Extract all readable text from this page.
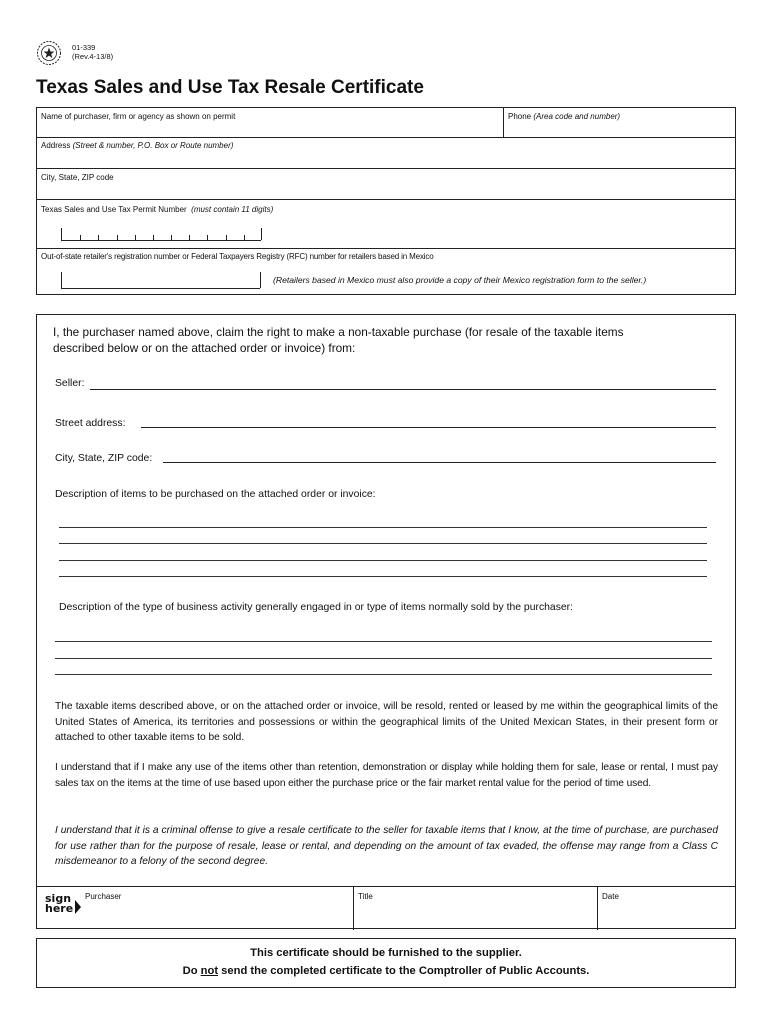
01-339
(Rev.4-13/8)
Texas Sales and Use Tax Resale Certificate
Name of purchaser, firm or agency as shown on permit	Phone (Area code and number)
Address (Street & number, P.O. Box or Route number)
City, State, ZIP code
Texas Sales and Use Tax Permit Number (must contain 11 digits)
Out-of-state retailer's registration number or Federal Taxpayers Registry (RFC) number for retailers based in Mexico
(Retailers based in Mexico must also provide a copy of their Mexico registration form to the seller.)
I, the purchaser named above, claim the right to make a non-taxable purchase (for resale of the taxable items described below or on the attached order or invoice) from:
Seller:
Street address:
City, State, ZIP code:
Description of items to be purchased on the attached order or invoice:
Description of the type of business activity generally engaged in or type of items normally sold by the purchaser:
The taxable items described above, or on the attached order or invoice, will be resold, rented or leased by me within the geographical limits of the United States of America, its territories and possessions or within the geographical limits of the United Mexican States, in their present form or attached to other taxable items to be sold.
I understand that if I make any use of the items other than retention, demonstration or display while holding them for sale, lease or rental, I must pay sales tax on the items at the time of use based upon either the purchase price or the fair market rental value for the period of time used.
I understand that it is a criminal offense to give a resale certificate to the seller for taxable items that I know, at the time of purchase, are purchased for use rather than for the purpose of resale, lease or rental, and depending on the amount of tax evaded, the offense may range from a Class C misdemeanor to a felony of the second degree.
sign
here
Purchaser	Title	Date
This certificate should be furnished to the supplier.
Do not send the completed certificate to the Comptroller of Public Accounts.
